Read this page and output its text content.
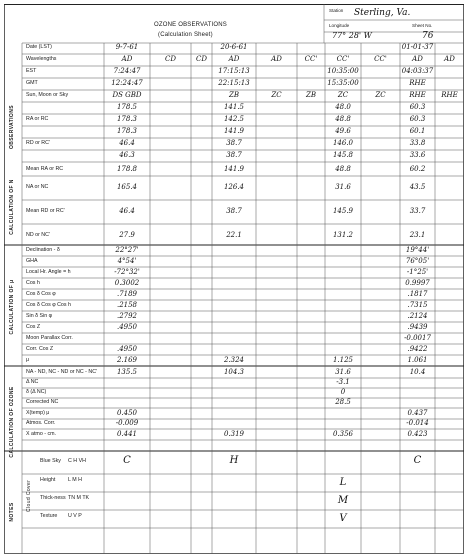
OZONE OBSERVATIONS
(Calculation Sheet)
Station Sterling, Va.
Longitude
77° 28' W
Sheet No.
76
OBSERVATIONS
CALCULATION OF N
CALCULATION OF μ
CALCULATION OF OZONE
NOTES
Date (LST)
Wavelengths
EST
GMT
Sun, Moon or Sky
RA or RC
RD or RC'
Mean RA or RC
NA or NC
Mean RD or RC'
ND or NC'
Declination - δ
GHA
Local Hr. Angle = h
Cos h
Cos δ Cos φ
Cos δ Cos φ Cos h
Sin δ Sin φ
Cos Z
Moon Parallax Corr.
Corr. Cos Z
μ
NA - ND, NC - ND or NC - NC'
Δ NC
δ (Δ NC)
Corrected NC
X(temp) μ
Atmos. Corr.
X atmo - cm.
Blue Sky C H VH
Height L M H
Thick-ness TN M TK
Texture U V P
Cloud Cover
9-7-61
AD
7:24:47
12:24:47
DS GBD
178.5
178.3
178.3
46.4
46.3
178.8
165.4
46.4
27.9
22°27'
4°54'
-72°32'
0.3002
.7189
.2158
.2792
.4950
.4950
2.169
135.5
0.450
-0.009
0.441
C
CD	CD
20-6-61
AD
17:15:13
22:15:13
ZB
141.5
142.5
141.9
38.7
38.7
141.9
126.4
38.7
22.1
2.324
104.3
0.319
H
AD
ZC
CC'
ZB
CC'
10:35:00
15:35:00
ZC
48.0
48.8
49.6
146.0
145.8
48.8
31.6
145.9
131.2
1.125
31.6
-3.1
0
28.5
0.356
L
M
V
CC'
ZC
01-01-37
AD
04:03:37
RHE
RHE
60.3
60.3
60.1
33.8
33.6
60.2
43.5
33.7
23.1
19°44'
76°05'
-1°25'
0.9997
.1817
.7315
.2124
.9439
-0.0017
.9422
1.061
10.4
0.437
-0.014
0.423
C
AD
RHE
